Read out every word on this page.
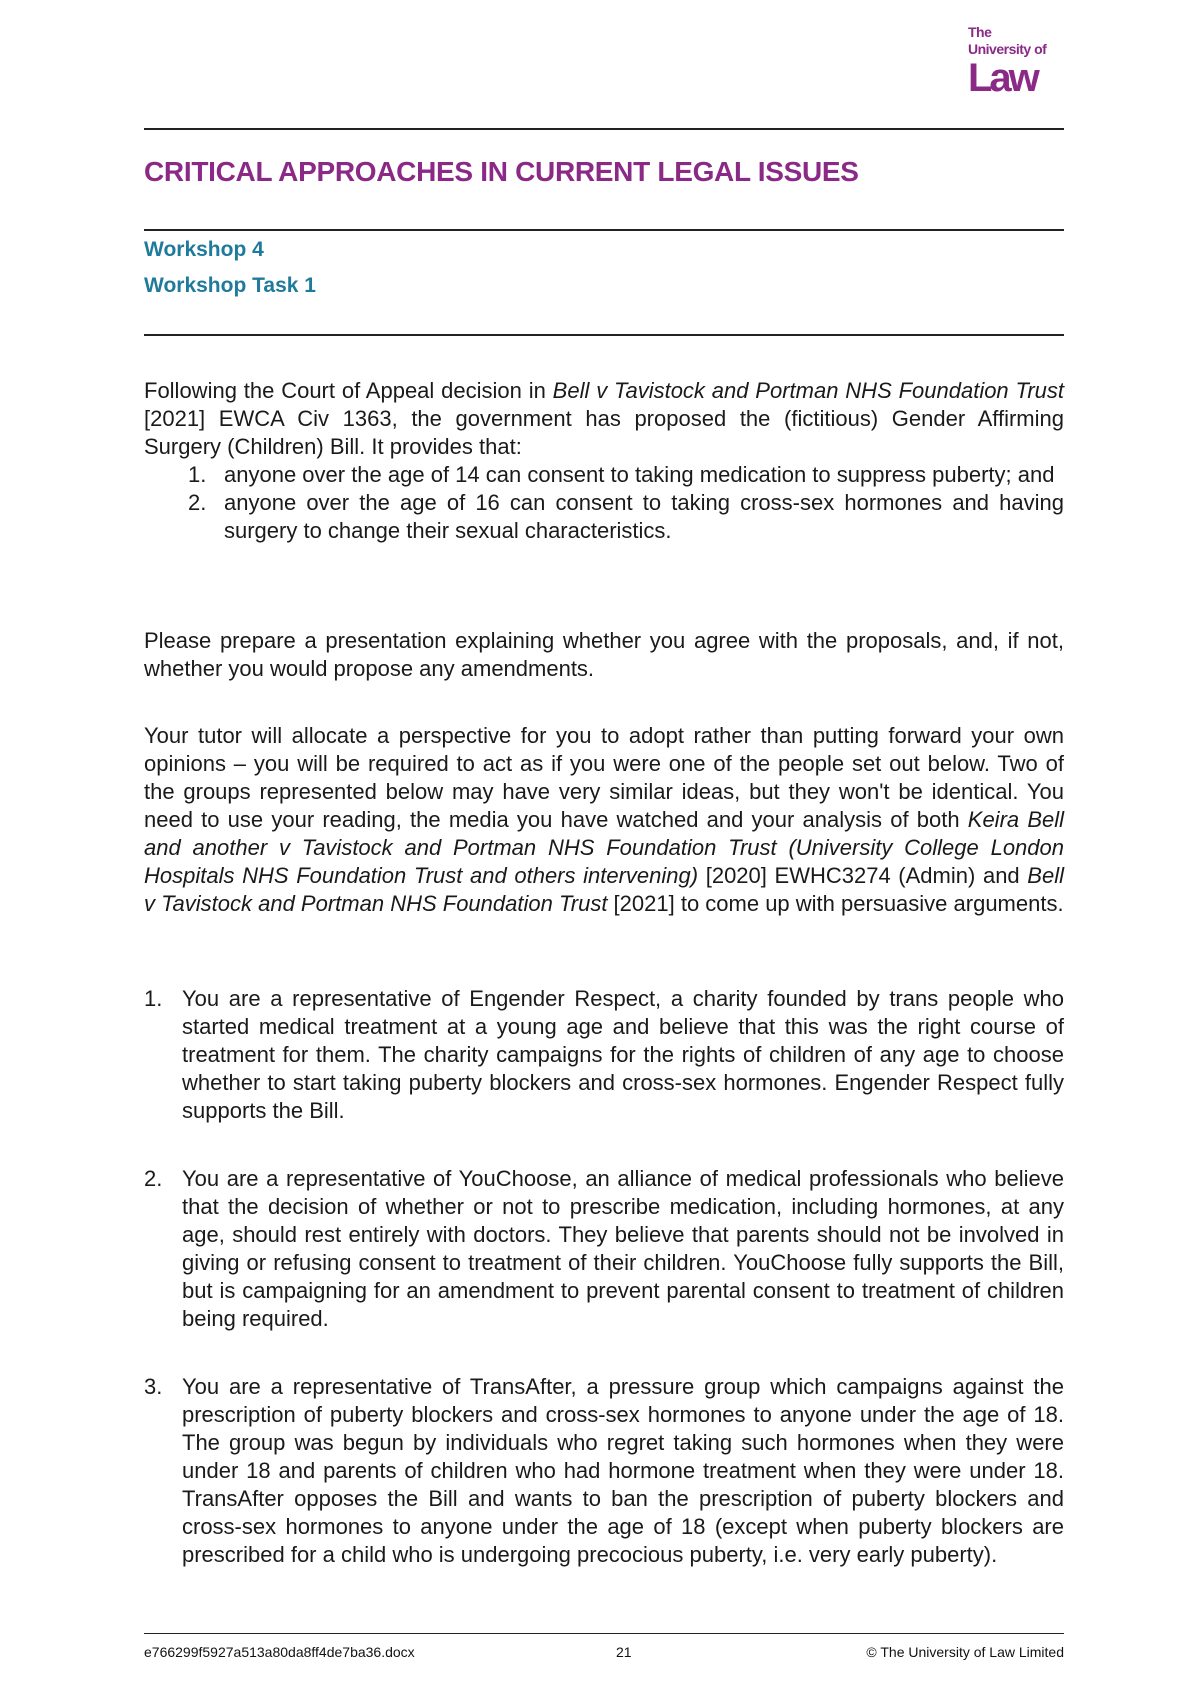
The
University of
Law
CRITICAL APPROACHES IN CURRENT LEGAL ISSUES
Workshop 4
Workshop Task 1

Following the Court of Appeal decision in Bell v Tavistock and Portman NHS Foundation Trust [2021] EWCA Civ 1363, the government has proposed the (fictitious) Gender Affirming Surgery (Children) Bill. It provides that:

1. anyone over the age of 14 can consent to taking medication to suppress puberty; and
2. anyone over the age of 16 can consent to taking cross-sex hormones and having surgery to change their sexual characteristics.
Please prepare a presentation explaining whether you agree with the proposals, and, if not, whether you would propose any amendments.
Your tutor will allocate a perspective for you to adopt rather than putting forward your own opinions – you will be required to act as if you were one of the people set out below. Two of the groups represented below may have very similar ideas, but they won't be identical. You need to use your reading, the media you have watched and your analysis of both Keira Bell and another v Tavistock and Portman NHS Foundation Trust (University College London Hospitals NHS Foundation Trust and others intervening) [2020] EWHC3274 (Admin) and Bell v Tavistock and Portman NHS Foundation Trust [2021] to come up with persuasive arguments.
1. You are a representative of Engender Respect, a charity founded by trans people who started medical treatment at a young age and believe that this was the right course of treatment for them. The charity campaigns for the rights of children of any age to choose whether to start taking puberty blockers and cross-sex hormones. Engender Respect fully supports the Bill.
2. You are a representative of YouChoose, an alliance of medical professionals who believe that the decision of whether or not to prescribe medication, including hormones, at any age, should rest entirely with doctors. They believe that parents should not be involved in giving or refusing consent to treatment of their children. YouChoose fully supports the Bill, but is campaigning for an amendment to prevent parental consent to treatment of children being required.
3. You are a representative of TransAfter, a pressure group which campaigns against the prescription of puberty blockers and cross-sex hormones to anyone under the age of 18. The group was begun by individuals who regret taking such hormones when they were under 18 and parents of children who had hormone treatment when they were under 18. TransAfter opposes the Bill and wants to ban the prescription of puberty blockers and cross-sex hormones to anyone under the age of 18 (except when puberty blockers are prescribed for a child who is undergoing precocious puberty, i.e. very early puberty).
e766299f5927a513a80da8ff4de7ba36.docx	21	© The University of Law Limited
